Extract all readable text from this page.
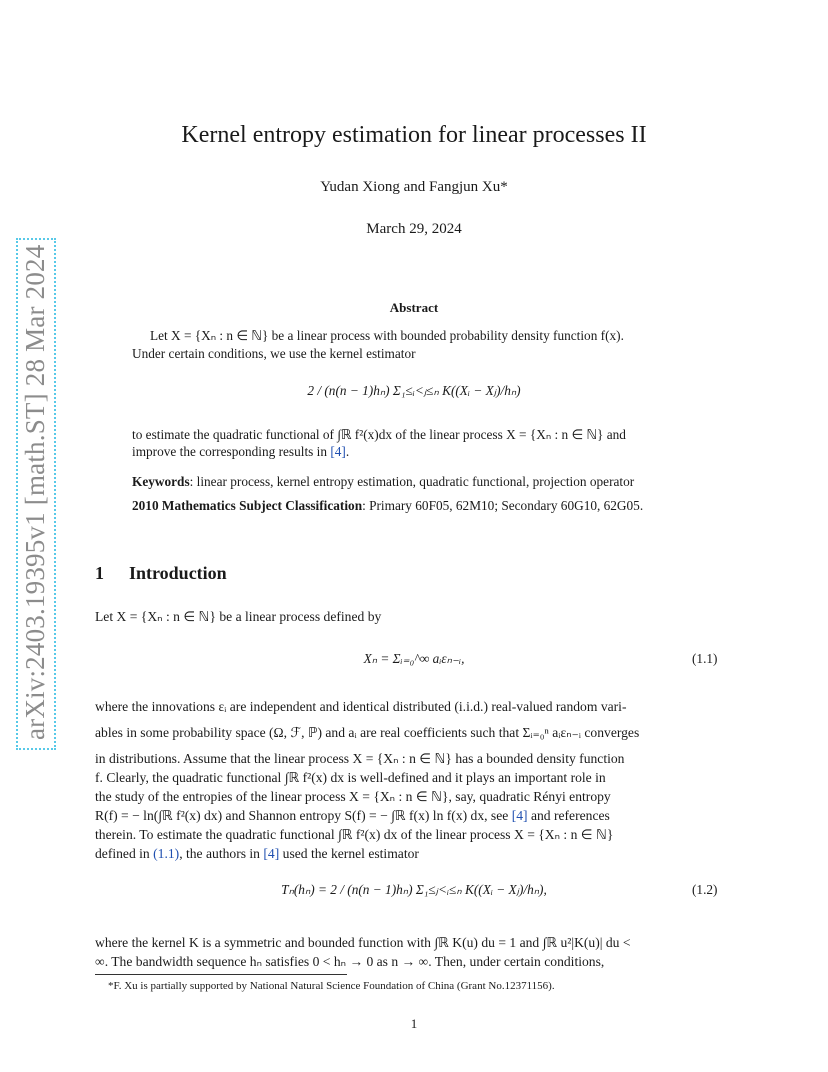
arXiv:2403.19395v1 [math.ST] 28 Mar 2024
Kernel entropy estimation for linear processes II
Yudan Xiong and Fangjun Xu*
March 29, 2024
Abstract
Let X = {Xₙ : n ∈ ℕ} be a linear process with bounded probability density function f(x).
Under certain conditions, we use the kernel estimator
2 / (n(n − 1)hₙ) Σ₁≤ᵢ<ⱼ≤ₙ K((Xᵢ − Xⱼ)/hₙ)
to estimate the quadratic functional of ∫ℝ f²(x)dx of the linear process X = {Xₙ : n ∈ ℕ} and
improve the corresponding results in [4].
Keywords: linear process, kernel entropy estimation, quadratic functional, projection operator
2010 Mathematics Subject Classification: Primary 60F05, 62M10; Secondary 60G10, 62G05.
1 Introduction
Let X = {Xₙ : n ∈ ℕ} be a linear process defined by
Xₙ = Σᵢ₌₀^∞ aᵢεₙ₋ᵢ,	(1.1)
where the innovations εᵢ are independent and identical distributed (i.i.d.) real-valued random vari-
ables in some probability space (Ω, ℱ, ℙ) and aᵢ are real coefficients such that Σᵢ₌₀ⁿ aᵢεₙ₋ᵢ converges
in distributions. Assume that the linear process X = {Xₙ : n ∈ ℕ} has a bounded density function
f. Clearly, the quadratic functional ∫ℝ f²(x) dx is well-defined and it plays an important role in
the study of the entropies of the linear process X = {Xₙ : n ∈ ℕ}, say, quadratic Rényi entropy
R(f) = − ln(∫ℝ f²(x) dx) and Shannon entropy S(f) = − ∫ℝ f(x) ln f(x) dx, see [4] and references
therein. To estimate the quadratic functional ∫ℝ f²(x) dx of the linear process X = {Xₙ : n ∈ ℕ}
defined in (1.1), the authors in [4] used the kernel estimator
Tₙ(hₙ) = 2 / (n(n − 1)hₙ) Σ₁≤ⱼ<ᵢ≤ₙ K((Xᵢ − Xⱼ)/hₙ),	(1.2)
where the kernel K is a symmetric and bounded function with ∫ℝ K(u) du = 1 and ∫ℝ u²|K(u)| du <
∞. The bandwidth sequence hₙ satisfies 0 < hₙ → 0 as n → ∞. Then, under certain conditions,
*F. Xu is partially supported by National Natural Science Foundation of China (Grant No.12371156).
1
